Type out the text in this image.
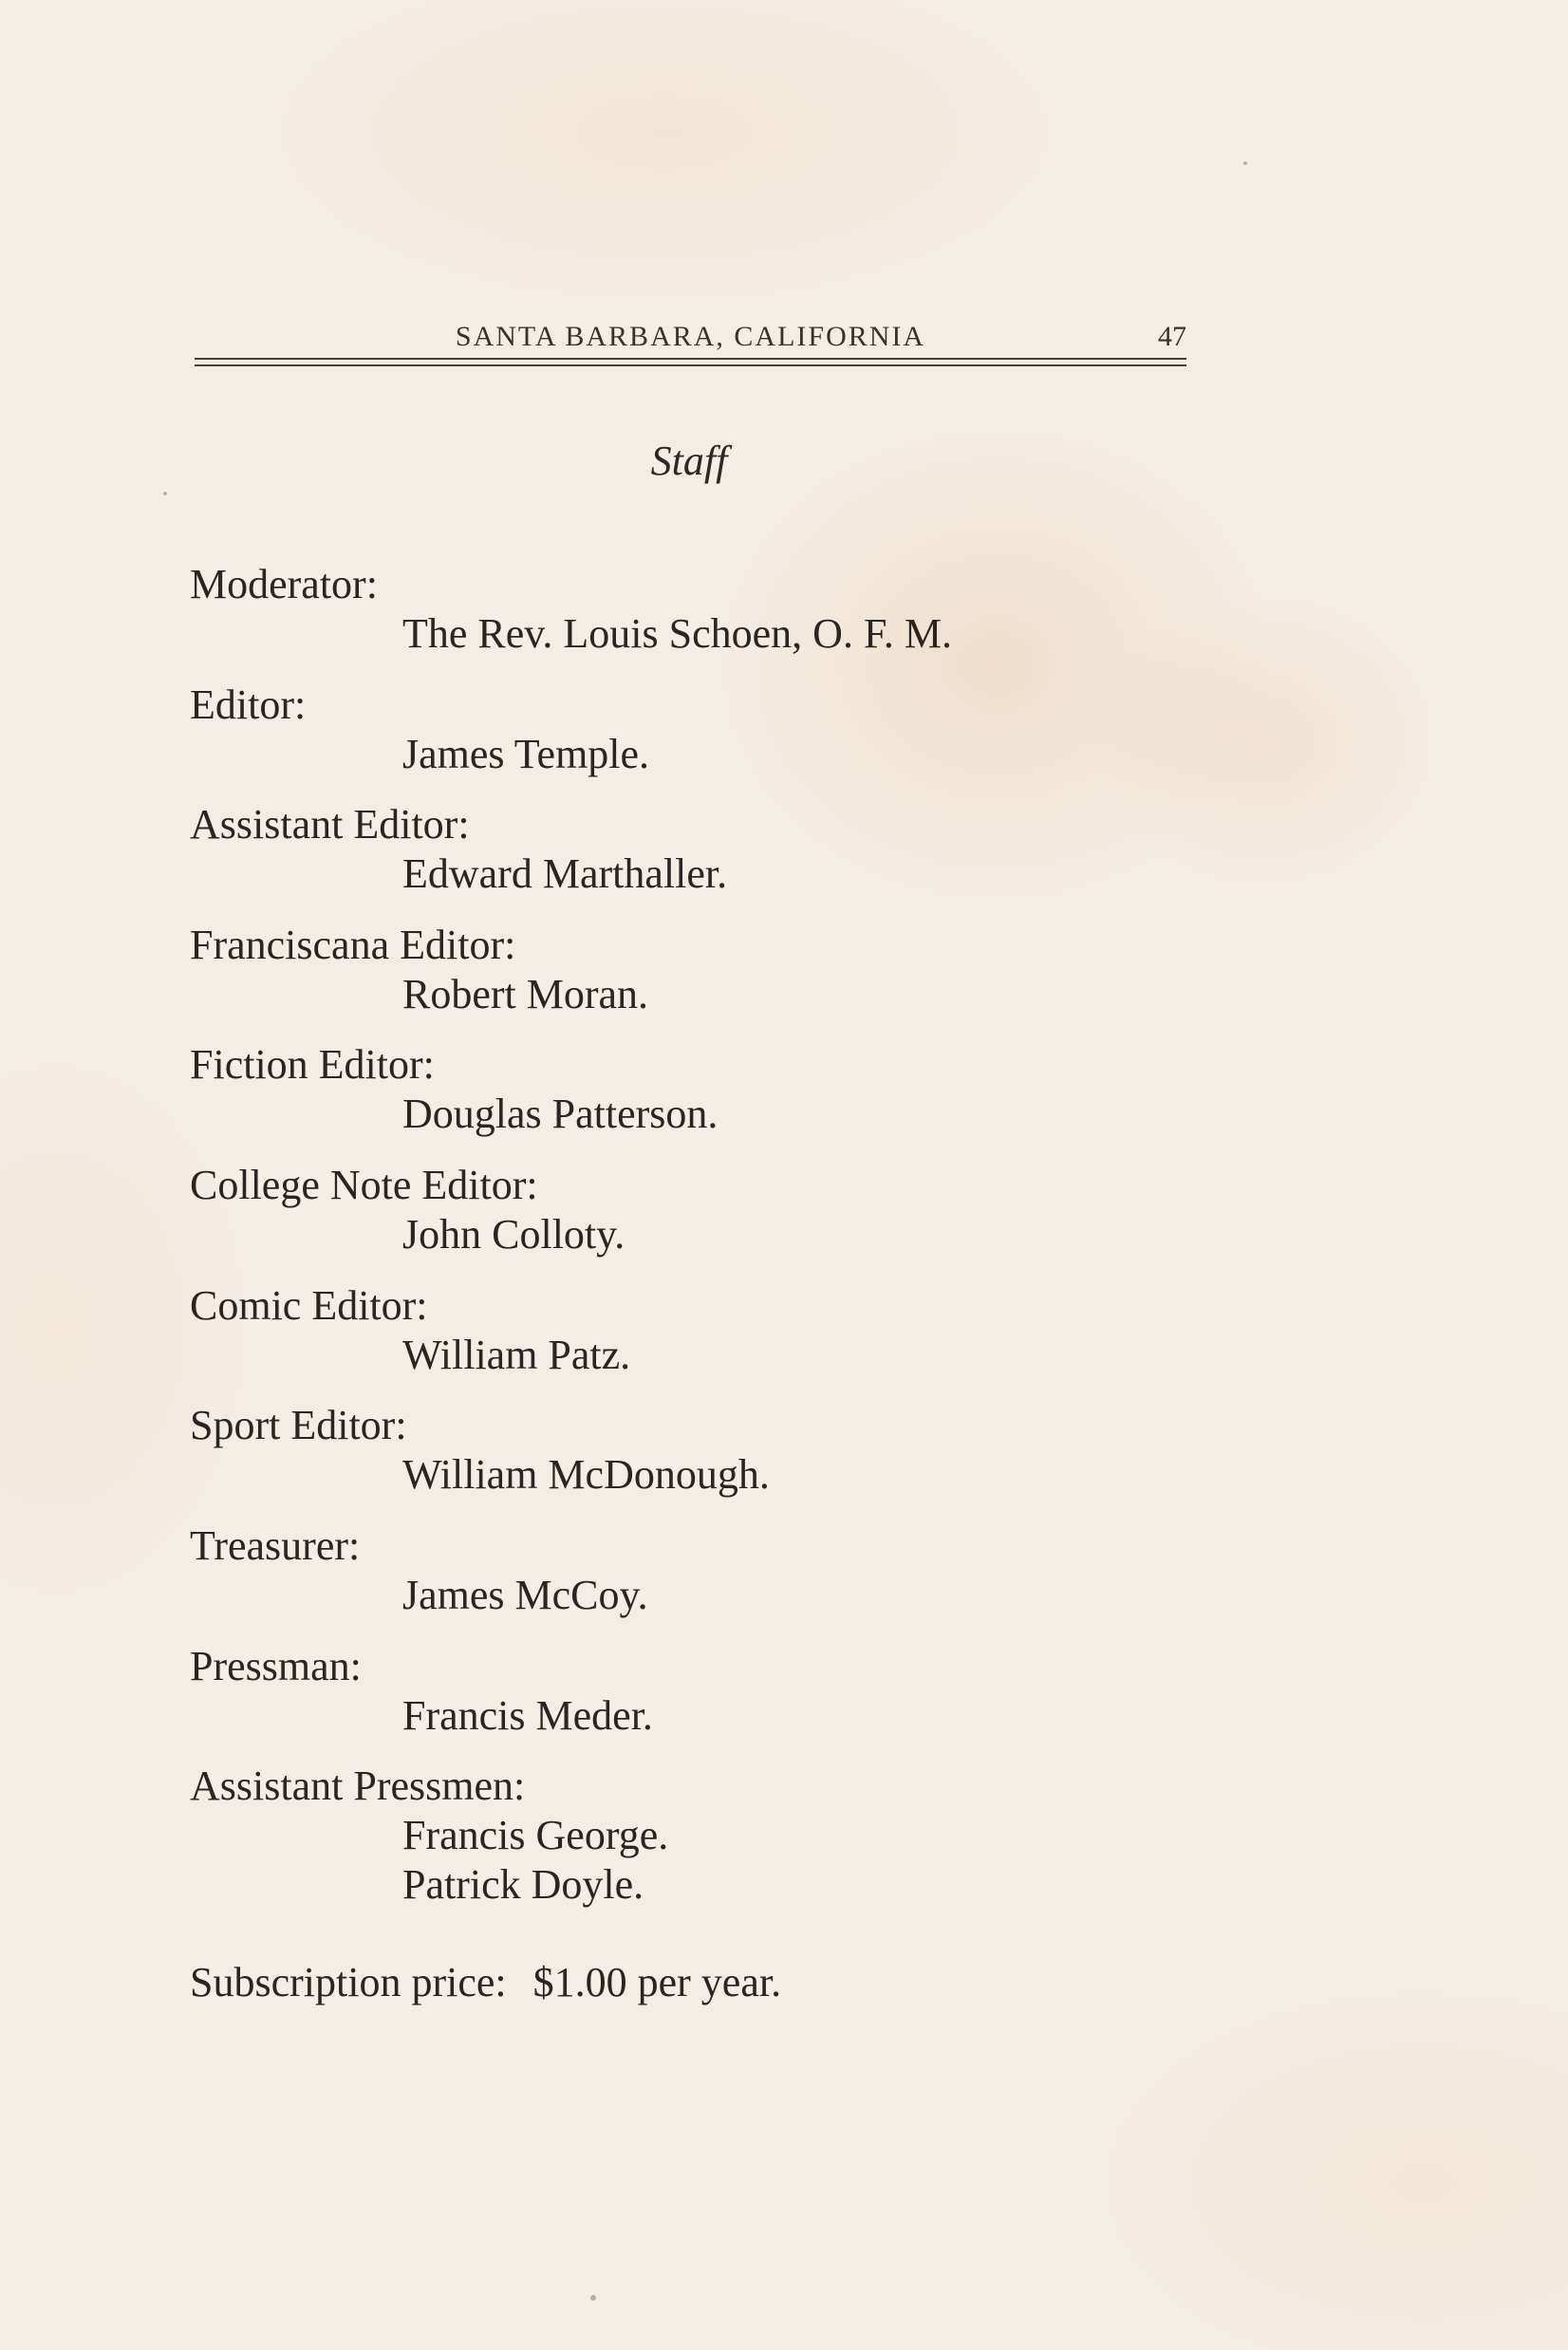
SANTA BARBARA, CALIFORNIA	47
Staff
Moderator:
The Rev. Louis Schoen, O. F. M.
Editor:
James Temple.
Assistant Editor:
Edward Marthaller.
Franciscana Editor:
Robert Moran.
Fiction Editor:
Douglas Patterson.
College Note Editor:
John Colloty.
Comic Editor:
William Patz.
Sport Editor:
William McDonough.
Treasurer:
James McCoy.
Pressman:
Francis Meder.
Assistant Pressmen:
Francis George.
Patrick Doyle.
Subscription price: $1.00 per year.
